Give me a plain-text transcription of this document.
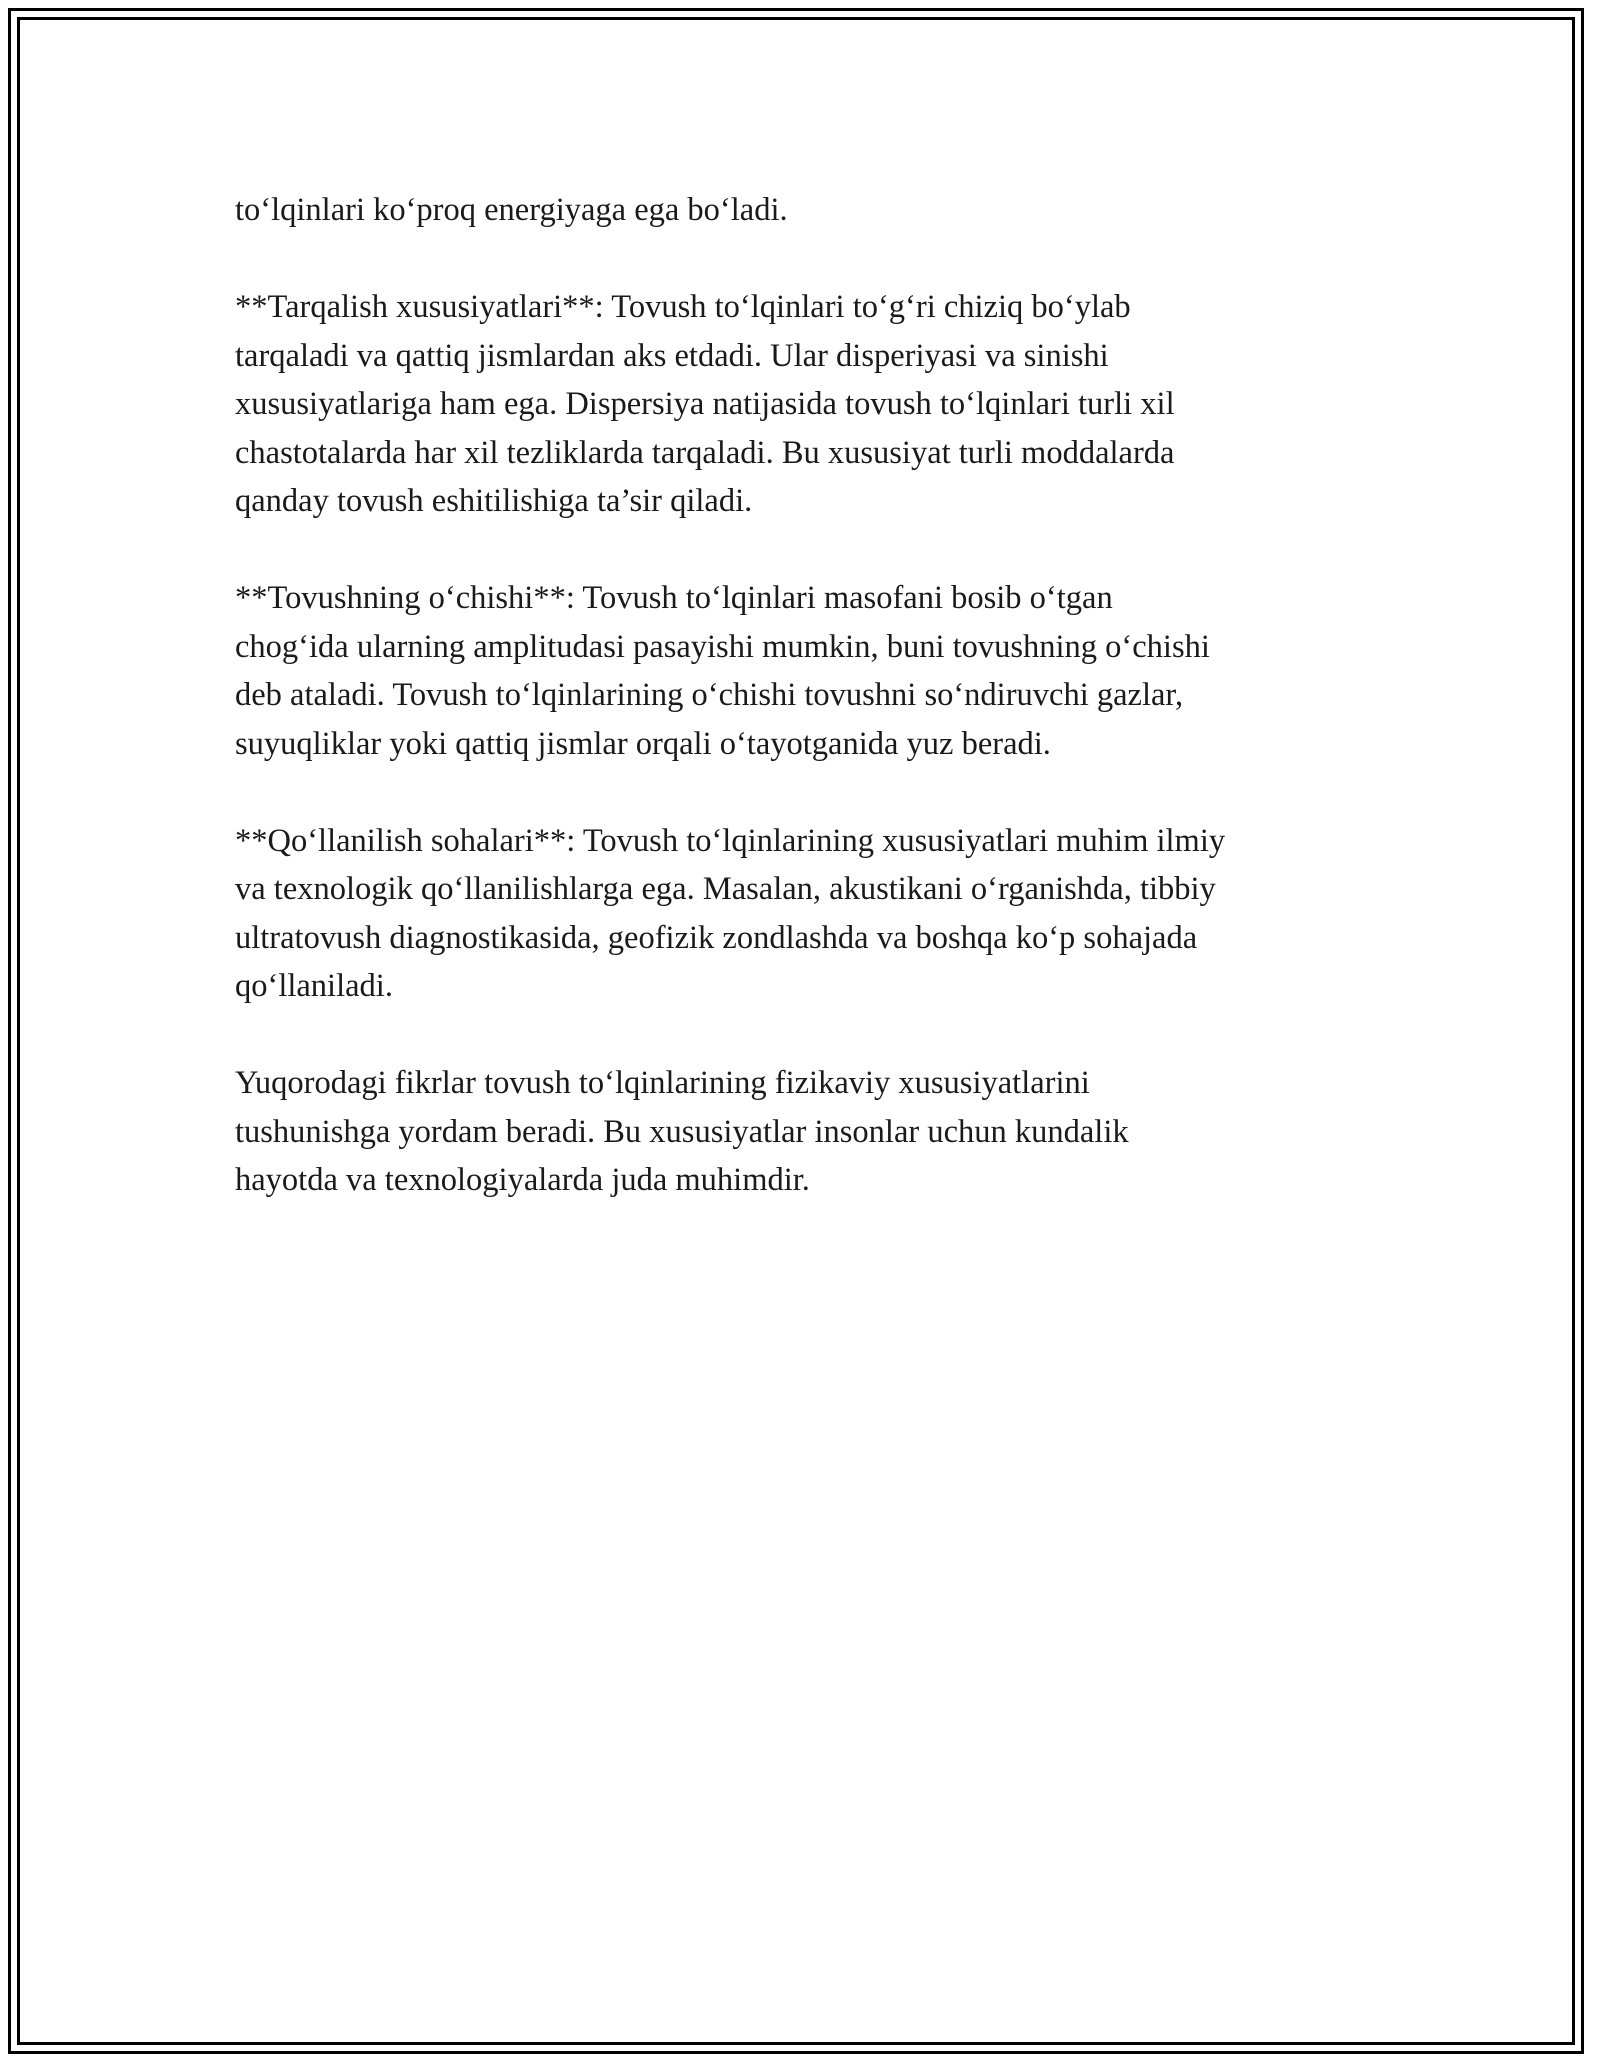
to‘lqinlari ko‘proq energiyaga ega bo‘ladi.

**Tarqalish xususiyatlari**: Tovush to‘lqinlari to‘g‘ri chiziq bo‘ylab
tarqaladi va qattiq jismlardan aks etdadi. Ular disperiyasi va sinishi
xususiyatlariga ham ega. Dispersiya natijasida tovush to‘lqinlari turli xil
chastotalarda har xil tezliklarda tarqaladi. Bu xususiyat turli moddalarda
qanday tovush eshitilishiga ta’sir qiladi.

**Tovushning o‘chishi**: Tovush to‘lqinlari masofani bosib o‘tgan
chog‘ida ularning amplitudasi pasayishi mumkin, buni tovushning o‘chishi
deb ataladi. Tovush to‘lqinlarining o‘chishi tovushni so‘ndiruvchi gazlar,
suyuqliklar yoki qattiq jismlar orqali o‘tayotganida yuz beradi.

**Qo‘llanilish sohalari**: Tovush to‘lqinlarining xususiyatlari muhim ilmiy
va texnologik qo‘llanilishlarga ega. Masalan, akustikani o‘rganishda, tibbiy
ultratovush diagnostikasida, geofizik zondlashda va boshqa ko‘p sohajada
qo‘llaniladi.

Yuqorodagi fikrlar tovush to‘lqinlarining fizikaviy xususiyatlarini
tushunishga yordam beradi. Bu xususiyatlar insonlar uchun kundalik
hayotda va texnologiyalarda juda muhimdir.
